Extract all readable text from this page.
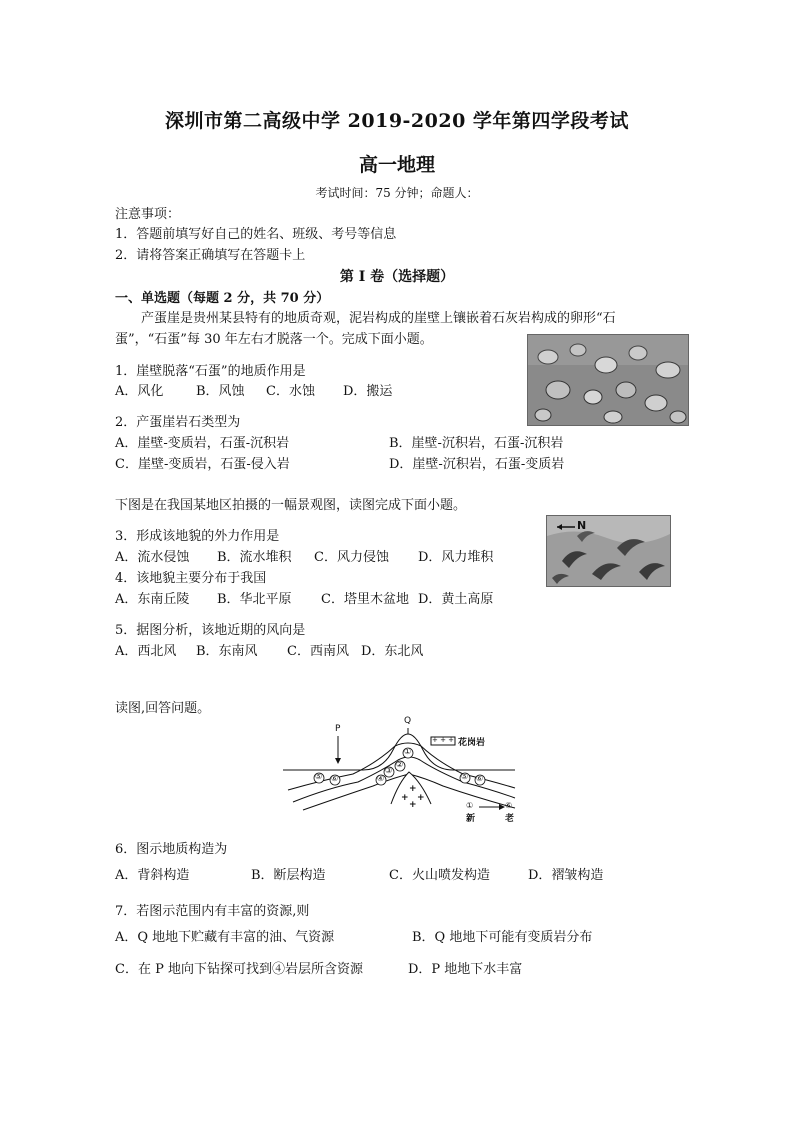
深圳市第二高级中学 2019-2020 学年第四学段考试
高一地理
考试时间：75 分钟；命题人：
注意事项：
1．答题前填写好自己的姓名、班级、考号等信息
2．请将答案正确填写在答题卡上
第 I 卷（选择题）
一、单选题（每题 2 分，共 70 分）
产蛋崖是贵州某县特有的地质奇观，泥岩构成的崖壁上镶嵌着石灰岩构成的卵形“石
蛋”，“石蛋”每 30 年左右才脱落一个。完成下面小题。
1．崖壁脱落“石蛋”的地质作用是
A．风化	B．风蚀 C．水蚀 D．搬运
2．产蛋崖岩石类型为
A．崖壁-变质岩，石蛋-沉积岩	B．崖壁-沉积岩，石蛋-沉积岩
C．崖壁-变质岩，石蛋-侵入岩	D．崖壁-沉积岩，石蛋-变质岩
下图是在我国某地区拍摄的一幅景观图，读图完成下面小题。
N
3．形成该地貌的外力作用是
A．流水侵蚀 B．流水堆积 C．风力侵蚀 D．风力堆积
4．该地貌主要分布于我国
A．东南丘陵 B．华北平原 C．塔里木盆地 D．黄土高原
5．据图分析，该地近期的风向是
A．西北风 B．东南风 C．西南风 D．东北风
读图,回答问题。
P
Q
+ + + 花岗岩
①
②
③
④
⑤ ⑥	⑤ ⑥
+
+ +
+	①	⑥
新	老
6．图示地质构造为
A．背斜构造	B．断层构造	C．火山喷发构造	D．褶皱构造
7．若图示范围内有丰富的资源,则
A．Q 地地下贮藏有丰富的油、气资源	B．Q 地地下可能有变质岩分布
C．在 P 地向下钻探可找到④岩层所含资源	D．P 地地下水丰富
